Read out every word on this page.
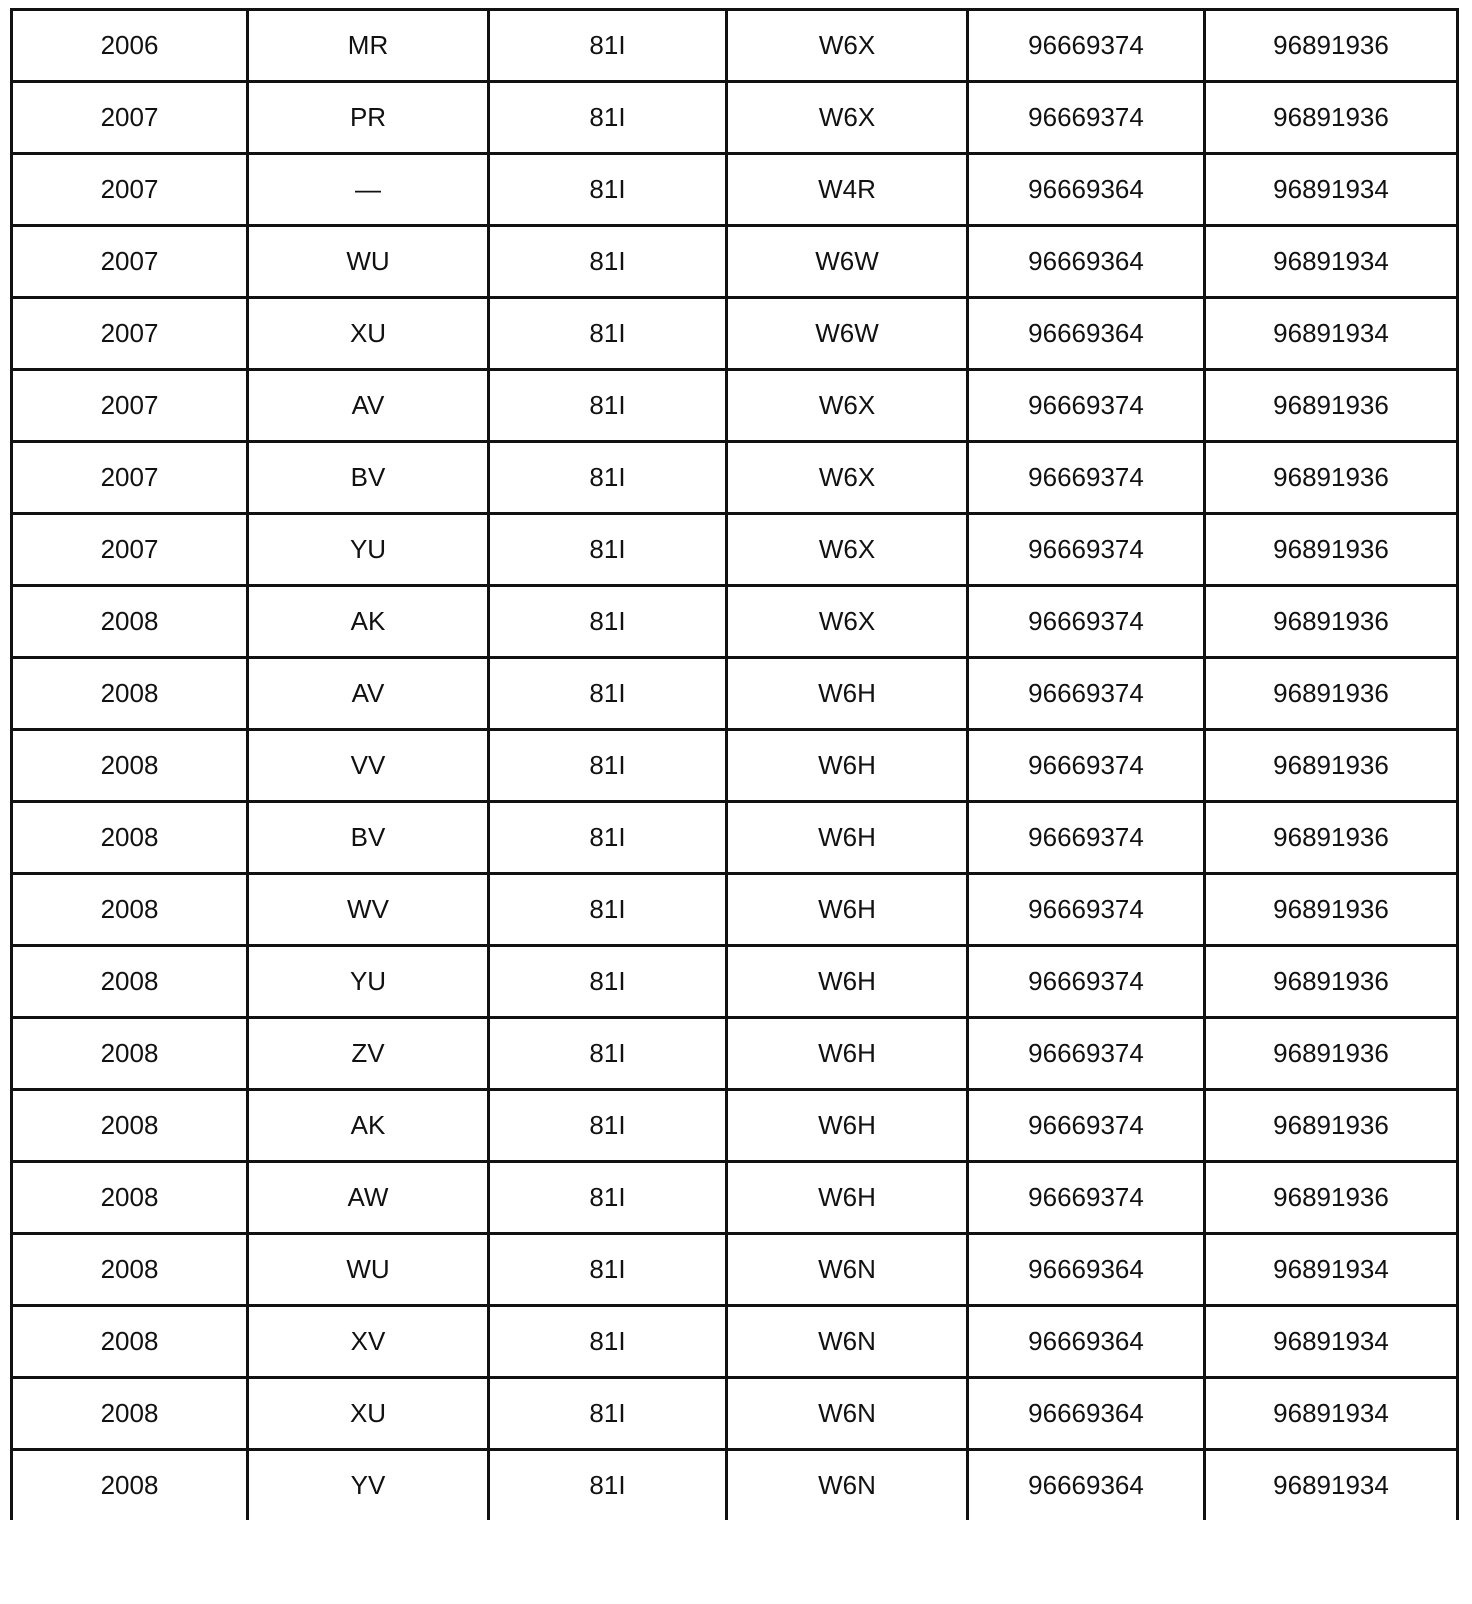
2006	MR	81I	W6X	96669374	96891936
2007	PR	81I	W6X	96669374	96891936
2007	—	81I	W4R	96669364	96891934
2007	WU	81I	W6W	96669364	96891934
2007	XU	81I	W6W	96669364	96891934
2007	AV	81I	W6X	96669374	96891936
2007	BV	81I	W6X	96669374	96891936
2007	YU	81I	W6X	96669374	96891936
2008	AK	81I	W6X	96669374	96891936
2008	AV	81I	W6H	96669374	96891936
2008	VV	81I	W6H	96669374	96891936
2008	BV	81I	W6H	96669374	96891936
2008	WV	81I	W6H	96669374	96891936
2008	YU	81I	W6H	96669374	96891936
2008	ZV	81I	W6H	96669374	96891936
2008	AK	81I	W6H	96669374	96891936
2008	AW	81I	W6H	96669374	96891936
2008	WU	81I	W6N	96669364	96891934
2008	XV	81I	W6N	96669364	96891934
2008	XU	81I	W6N	96669364	96891934
2008	YV	81I	W6N	96669364	96891934
